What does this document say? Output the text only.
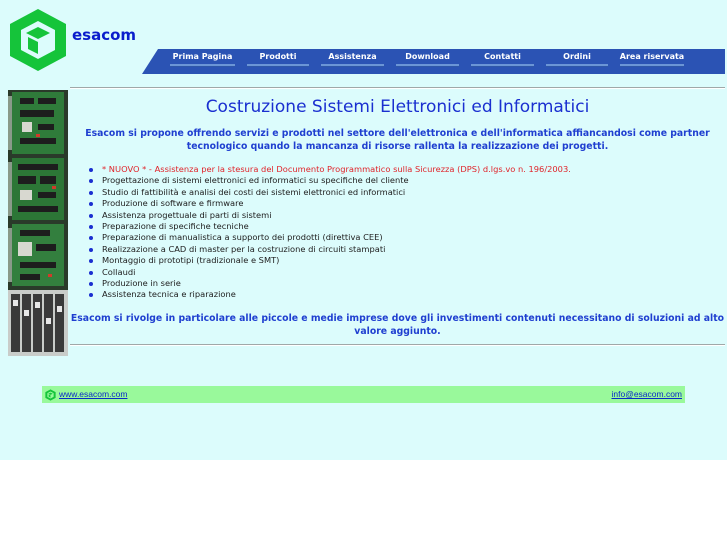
esacom
Prima Pagina	Prodotti	Assistenza	Download	Contatti	Ordini	Area riservata
Costruzione Sistemi Elettronici ed Informatici
Esacom si propone offrendo servizi e prodotti nel settore dell'elettronica e dell'informatica affiancandosi come partner tecnologico quando la mancanza di risorse rallenta la realizzazione dei progetti.
* NUOVO * - Assistenza per la stesura del Documento Programmatico sulla Sicurezza (DPS) d.lgs.vo n. 196/2003.
Progettazione di sistemi elettronici ed informatici su specifiche del cliente
Studio di fattibilità e analisi dei costi dei sistemi elettronici ed informatici
Produzione di software e firmware
Assistenza progettuale di parti di sistemi
Preparazione di specifiche tecniche
Preparazione di manualistica a supporto dei prodotti (direttiva CEE)
Realizzazione a CAD di master per la costruzione di circuiti stampati
Montaggio di prototipi (tradizionale e SMT)
Collaudi
Produzione in serie
Assistenza tecnica e riparazione
Esacom si rivolge in particolare alle piccole e medie imprese dove gli investimenti contenuti necessitano di soluzioni ad alto valore aggiunto.
www.esacom.com	info@esacom.com
